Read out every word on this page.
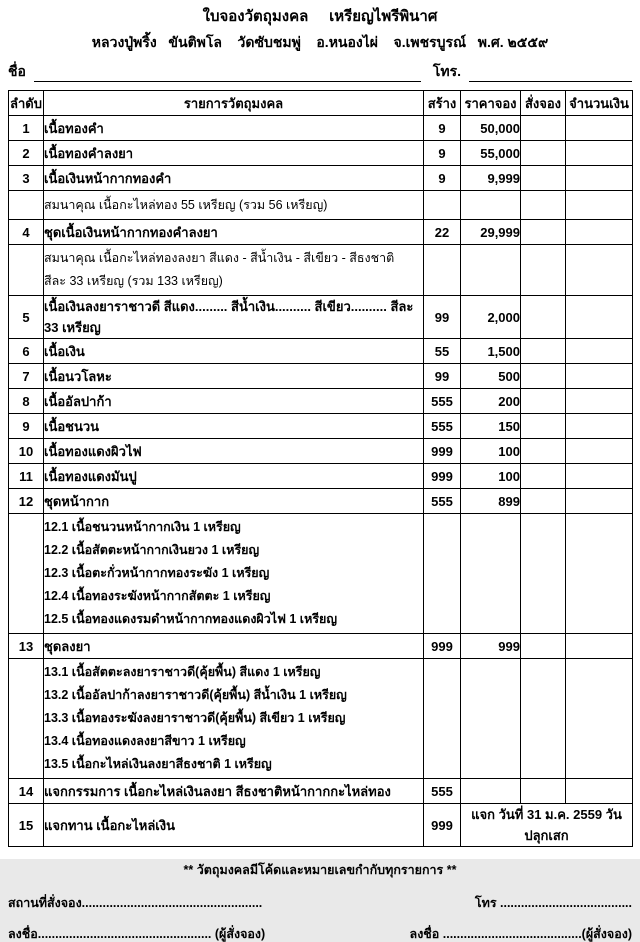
ใบจองวัตถุมงคล     เหรียญไพรีพินาศ
หลวงปู่พริ้ง   ขันติพโล    วัดซับชมพู่    อ.หนองไผ่    จ.เพชรบูรณ์   พ.ศ. ๒๕๕๙
ชื่อ	โทร.
ลำดับ	รายการวัตถุมงคล	สร้าง	ราคาจอง	สั่งจอง	จำนวนเงิน
1	เนื้อทองคำ	9	50,000		
2	เนื้อทองคำลงยา	9	55,000		
3	เนื้อเงินหน้ากากทองคำ	9	9,999		

	สมนาคุณ เนื้อกะไหล่ทอง 55 เหรียญ (รวม 56 เหรียญ)				

4	ชุดเนื้อเงินหน้ากากทองคำลงยา	22	29,999		

	สมนาคุณ เนื้อกะไหล่ทองลงยา สีแดง - สีน้ำเงิน - สีเขียว - สีธงชาติ
สีละ 33 เหรียญ (รวม 133 เหรียญ)				

5	เนื้อเงินลงยาราชาวดี สีแดง......... สีน้ำเงิน.......... สีเขียว.......... สีละ 33 เหรียญ	99	2,000		
6	เนื้อเงิน	55	1,500		
7	เนื้อนวโลหะ	99	500		
8	เนื้ออัลปาก้า	555	200		
9	เนื้อชนวน	555	150		
10	เนื้อทองแดงผิวไฟ	999	100		
11	เนื้อทองแดงมันปู	999	100		
12	ชุดหน้ากาก	555	899		

	12.1 เนื้อชนวนหน้ากากเงิน 1 เหรียญ
12.2 เนื้อสัตตะหน้ากากเงินยวง 1 เหรียญ
12.3 เนื้อตะกั่วหน้ากากทองระฆัง 1 เหรียญ
12.4 เนื้อทองระฆังหน้ากากสัตตะ 1 เหรียญ
12.5 เนื้อทองแดงรมดำหน้ากากทองแดงผิวไฟ 1 เหรียญ				

13	ชุดลงยา	999	999		

	13.1 เนื้อสัตตะลงยาราชาวดี(คุ้ยพื้น) สีแดง 1 เหรียญ
13.2 เนื้ออัลปาก้าลงยาราชาวดี(คุ้ยพื้น) สีน้ำเงิน 1 เหรียญ
13.3 เนื้อทองระฆังลงยาราชาวดี(คุ้ยพื้น) สีเขียว 1 เหรียญ
13.4 เนื้อทองแดงลงยาสีขาว 1 เหรียญ
13.5 เนื้อกะไหล่เงินลงยาสีธงชาติ 1 เหรียญ				

14	แจกกรรมการ เนื้อกะไหล่เงินลงยา สีธงชาติหน้ากากกะไหล่ทอง	555			
15	แจกทาน เนื้อกะไหล่เงิน	999	แจก วันที่ 31 ม.ค. 2559 วันปลุกเสก		
** วัตถุมงคลมีโค้ดและหมายเลขกำกับทุกรายการ **
สถานที่สั่งจอง....................................................	โทร ......................................
ลงชื่อ.................................................. (ผู้สั่งจอง)	ลงชื่อ ........................................(ผู้สั่งจอง)
